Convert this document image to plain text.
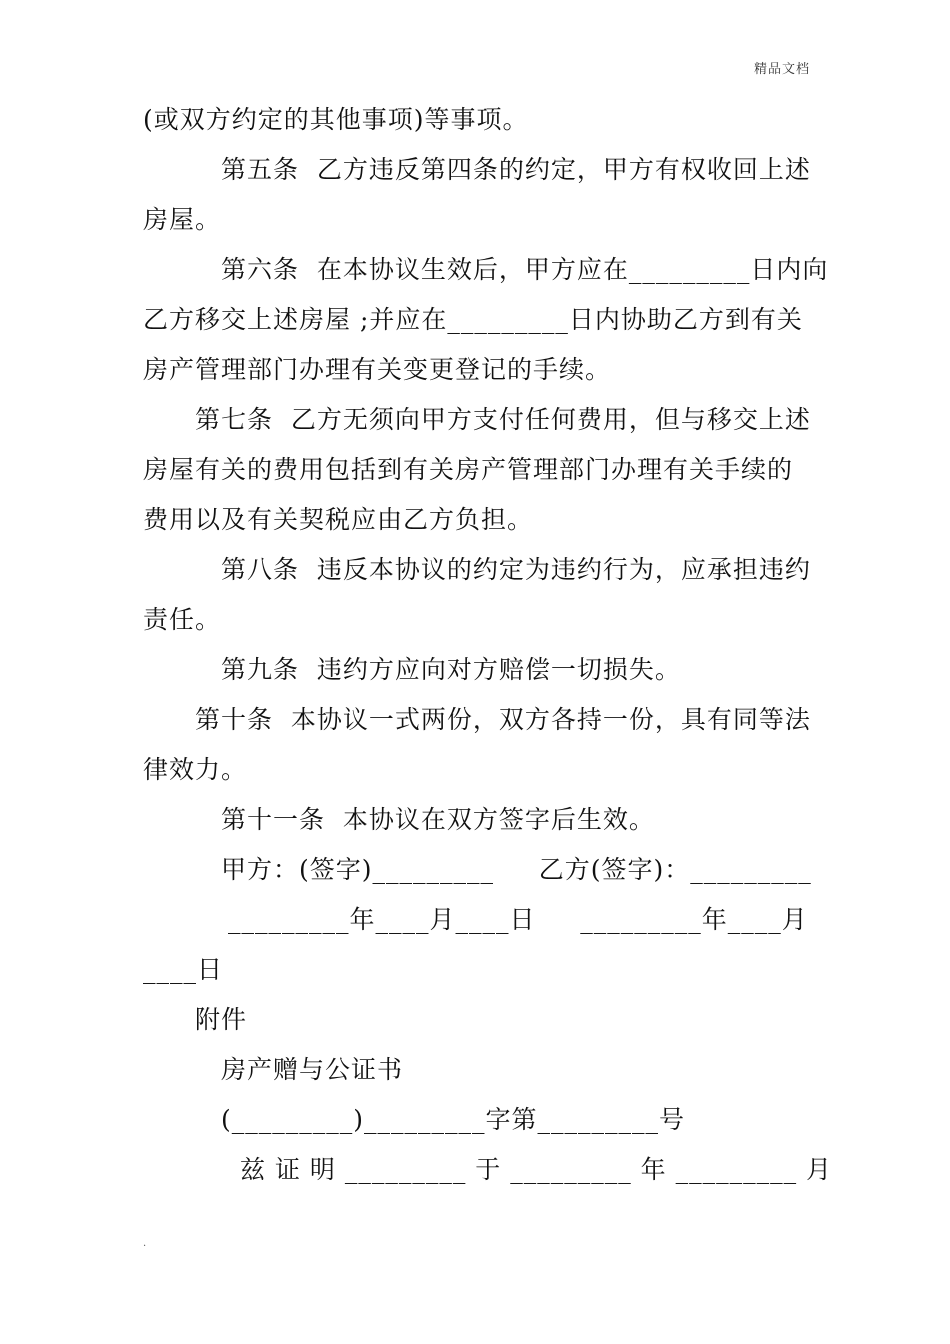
精品文档
(或双方约定的其他事项)等事项。
第五条  乙方违反第四条的约定，甲方有权收回上述
房屋。
第六条  在本协议生效后，甲方应在_________日内向
乙方移交上述房屋 ;并应在_________日内协助乙方到有关
房产管理部门办理有关变更登记的手续。
第七条  乙方无须向甲方支付任何费用，但与移交上述
房屋有关的费用包括到有关房产管理部门办理有关手续的
费用以及有关契税应由乙方负担。
第八条  违反本协议的约定为违约行为，应承担违约
责任。
第九条  违约方应向对方赔偿一切损失。
第十条  本协议一式两份，双方各持一份，具有同等法
律效力。
第十一条  本协议在双方签字后生效。
甲方：(签字)_________     乙方(签字)：_________
_________年____月____日     _________年____月
____日
附件
房产赠与公证书
(_________)_________字第_________号
兹 证 明 _________ 于 _________ 年 _________ 月
.
